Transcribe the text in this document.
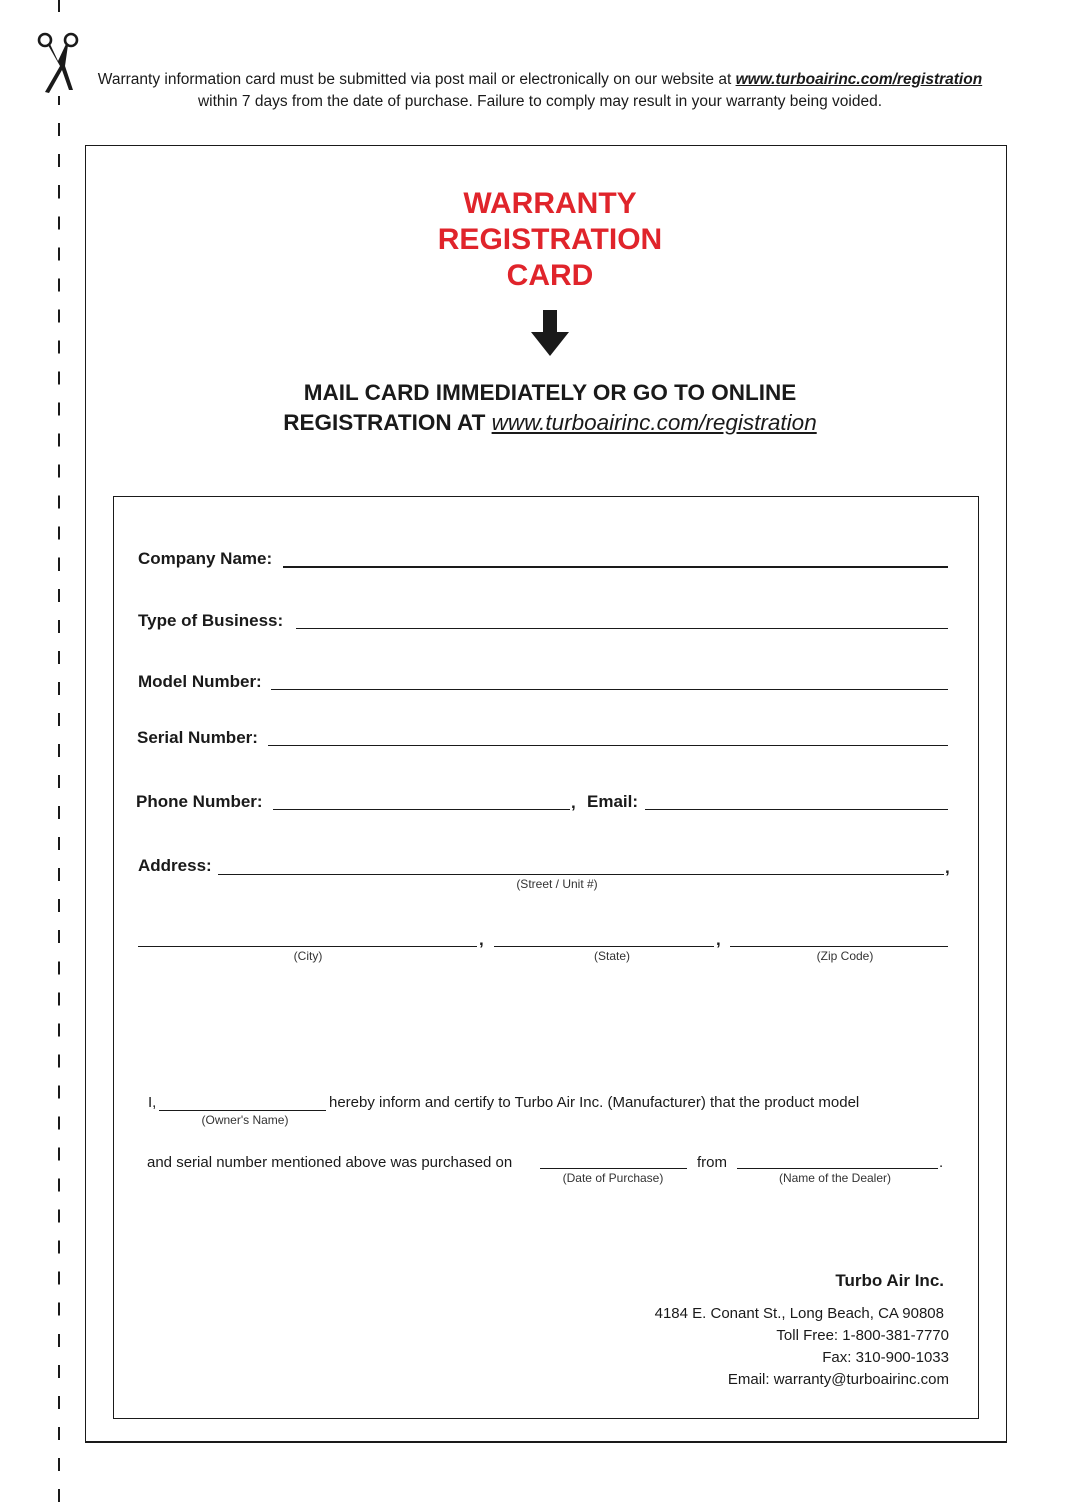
Warranty information card must be submitted via post mail or electronically on our website at www.turboairinc.com/registration
within 7 days from the date of purchase. Failure to comply may result in your warranty being voided.
WARRANTY
REGISTRATION
CARD
MAIL CARD IMMEDIATELY OR GO TO ONLINE
REGISTRATION AT www.turboairinc.com/registration
Company Name:
Type of Business:
Model Number:
Serial Number:
Phone Number:	, Email:
Address:	,
(Street / Unit #)
,	,
(City)	(State)	(Zip Code)
I,	hereby inform and certify to Turbo Air Inc. (Manufacturer) that the product model
(Owner's Name)
and serial number mentioned above was purchased on	from	.
(Date of Purchase)	(Name of the Dealer)
Turbo Air Inc.
4184 E. Conant St., Long Beach, CA 90808
Toll Free: 1-800-381-7770
Fax: 310-900-1033
Email: warranty@turboairinc.com
